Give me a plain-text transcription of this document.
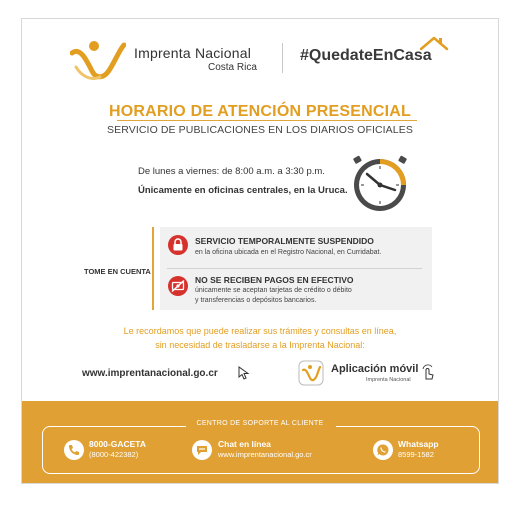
Imprenta Nacional
Costa Rica
#QuedateEnCasa
HORARIO DE ATENCIÓN PRESENCIAL
SERVICIO DE PUBLICACIONES EN LOS DIARIOS OFICIALES
De lunes a viernes: de 8:00 a.m. a 3:30 p.m.
Únicamente en oficinas centrales, en la Uruca.
TOME EN CUENTA
SERVICIO TEMPORALMENTE SUSPENDIDO
en la oficina ubicada en el Registro Nacional, en Curridabat.
NO SE RECIBEN PAGOS EN EFECTIVO
únicamente se aceptan tarjetas de crédito o débito
y transferencias o depósitos bancarios.
Le recordamos que puede realizar sus trámites y consultas en línea,
sin necesidad de trasladarse a la Imprenta Nacional:
www.imprentanacional.go.cr	Aplicación móvil
Imprenta Nacional
CENTRO DE SOPORTE AL CLIENTE
8000-GACETA
(8000-422382)
Chat en línea
www.imprentanacional.go.cr
Whatsapp
8599-1582
